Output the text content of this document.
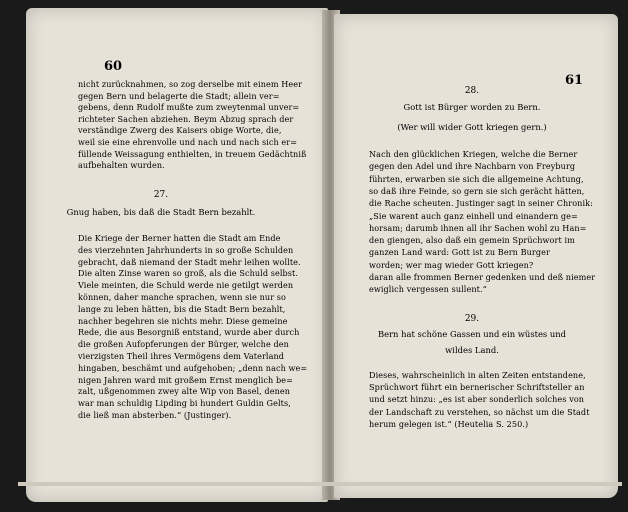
60
61
nicht zurücknahmen, so zog derselbe mit einem Heer
gegen Bern und belagerte die Stadt; allein ver=
gebens, denn Rudolf mußte zum zweytenmal unver=
richteter Sachen abziehen. Beym Abzug sprach der
verständige Zwerg des Kaisers obige Worte, die,
weil sie eine ehrenvolle und nach und nach sich er=
füllende Weissagung enthielten, in treuem Gedächtniß
aufbehalten wurden.
Die Kriege der Berner hatten die Stadt am Ende
des vierzehnten Jahrhunderts in so große Schulden
gebracht, daß niemand der Stadt mehr leihen wollte.
Die alten Zinse waren so groß, als die Schuld selbst.
Viele meinten, die Schuld werde nie getilgt werden
können, daher manche sprachen, wenn sie nur so
lange zu leben hätten, bis die Stadt Bern bezahlt,
nachher begehren sie nichts mehr. Diese gemeine
Rede, die aus Besorgniß entstand, wurde aber durch
die großen Aufopferungen der Bürger, welche den
vierzigsten Theil ihres Vermögens dem Vaterland
hingaben, beschämt und aufgehoben; „denn nach we=
nigen Jahren ward mit großem Ernst menglich be=
zalt, ußgenommen zwey alte Wip von Basel, denen
war man schuldig Lipding bi hundert Guldin Gelts,
die ließ man absterben.“ (Justinger).
Nach den glücklichen Kriegen, welche die Berner
gegen den Adel und ihre Nachbarn von Freyburg
führten, erwarben sie sich die allgemeine Achtung,
so daß ihre Feinde, so gern sie sich gerächt hätten,
die Rache scheuten. Justinger sagt in seiner Chronik:
„Sie warent auch ganz einhell und einandern ge=
horsam; darumb ihnen all ihr Sachen wohl zu Han=
den giengen, also daß ein gemein Sprüchwort im
ganzen Land ward: Gott ist zu Bern Burger
worden; wer mag wieder Gott kriegen?
daran alle frommen Berner gedenken und deß niemer
ewiglich vergessen sullent.“
Dieses, wahrscheinlich in alten Zeiten entstandene,
Sprüchwort führt ein bernerischer Schriftsteller an
und setzt hinzu: „es ist aber sonderlich solches von
der Landschaft zu verstehen, so nächst um die Stadt
herum gelegen ist.“ (Heutelia S. 250.)
27.
Gnug haben, bis daß die Stadt Bern bezahlt.
28.
Gott ist Bürger worden zu Bern.
(Wer will wider Gott kriegen gern.)
29.
Bern hat schöne Gassen und ein wüstes und
wildes Land.
